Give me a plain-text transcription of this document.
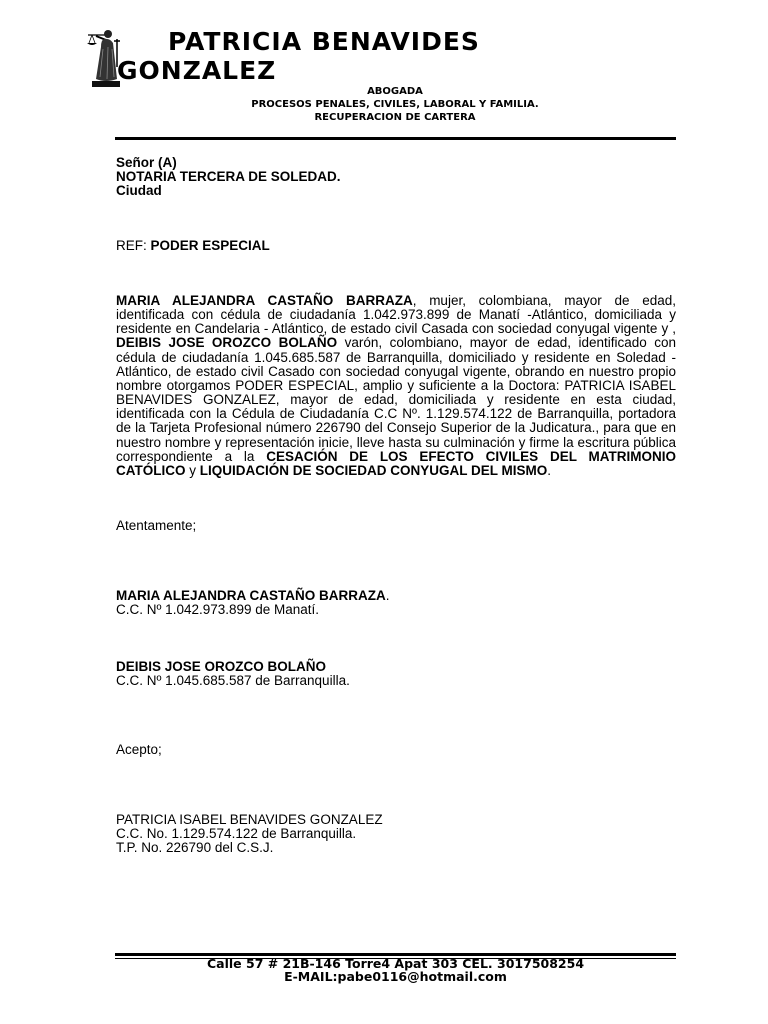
PATRICIA BENAVIDES
GONZALEZ
ABOGADA
PROCESOS PENALES, CIVILES, LABORAL Y FAMILIA.
RECUPERACION DE CARTERA
Señor (A)
NOTARIA TERCERA DE SOLEDAD.
Ciudad
REF: PODER ESPECIAL
MARIA ALEJANDRA CASTAÑO BARRAZA, mujer, colombiana, mayor de edad, identificada con cédula de ciudadanía 1.042.973.899 de Manatí -Atlántico, domiciliada y residente en Candelaria - Atlántico, de estado civil Casada con sociedad conyugal vigente y , DEIBIS JOSE OROZCO BOLAÑO varón, colombiano, mayor de edad, identificado con cédula de ciudadanía 1.045.685.587 de Barranquilla, domiciliado y residente en Soledad - Atlántico, de estado civil Casado con sociedad conyugal vigente, obrando en nuestro propio nombre otorgamos PODER ESPECIAL, amplio y suficiente a la Doctora: PATRICIA ISABEL BENAVIDES GONZALEZ, mayor de edad, domiciliada y residente en esta ciudad, identificada con la Cédula de Ciudadanía C.C Nº. 1.129.574.122 de Barranquilla, portadora de la Tarjeta Profesional número 226790 del Consejo Superior de la Judicatura., para que en nuestro nombre y representación inicie, lleve hasta su culminación y firme la escritura pública correspondiente a la CESACIÓN DE LOS EFECTO CIVILES DEL MATRIMONIO CATÓLICO y LIQUIDACIÓN DE SOCIEDAD CONYUGAL DEL MISMO.
Atentamente;
MARIA ALEJANDRA CASTAÑO BARRAZA.
C.C. Nº 1.042.973.899 de Manatí.
DEIBIS JOSE OROZCO BOLAÑO
C.C. Nº 1.045.685.587 de Barranquilla.
Acepto;
PATRICIA ISABEL BENAVIDES GONZALEZ
C.C. No. 1.129.574.122 de Barranquilla.
T.P. No. 226790 del C.S.J.
Calle 57 # 21B-146 Torre4 Apat 303 CEL. 3017508254
E-MAIL:pabe0116@hotmail.com
